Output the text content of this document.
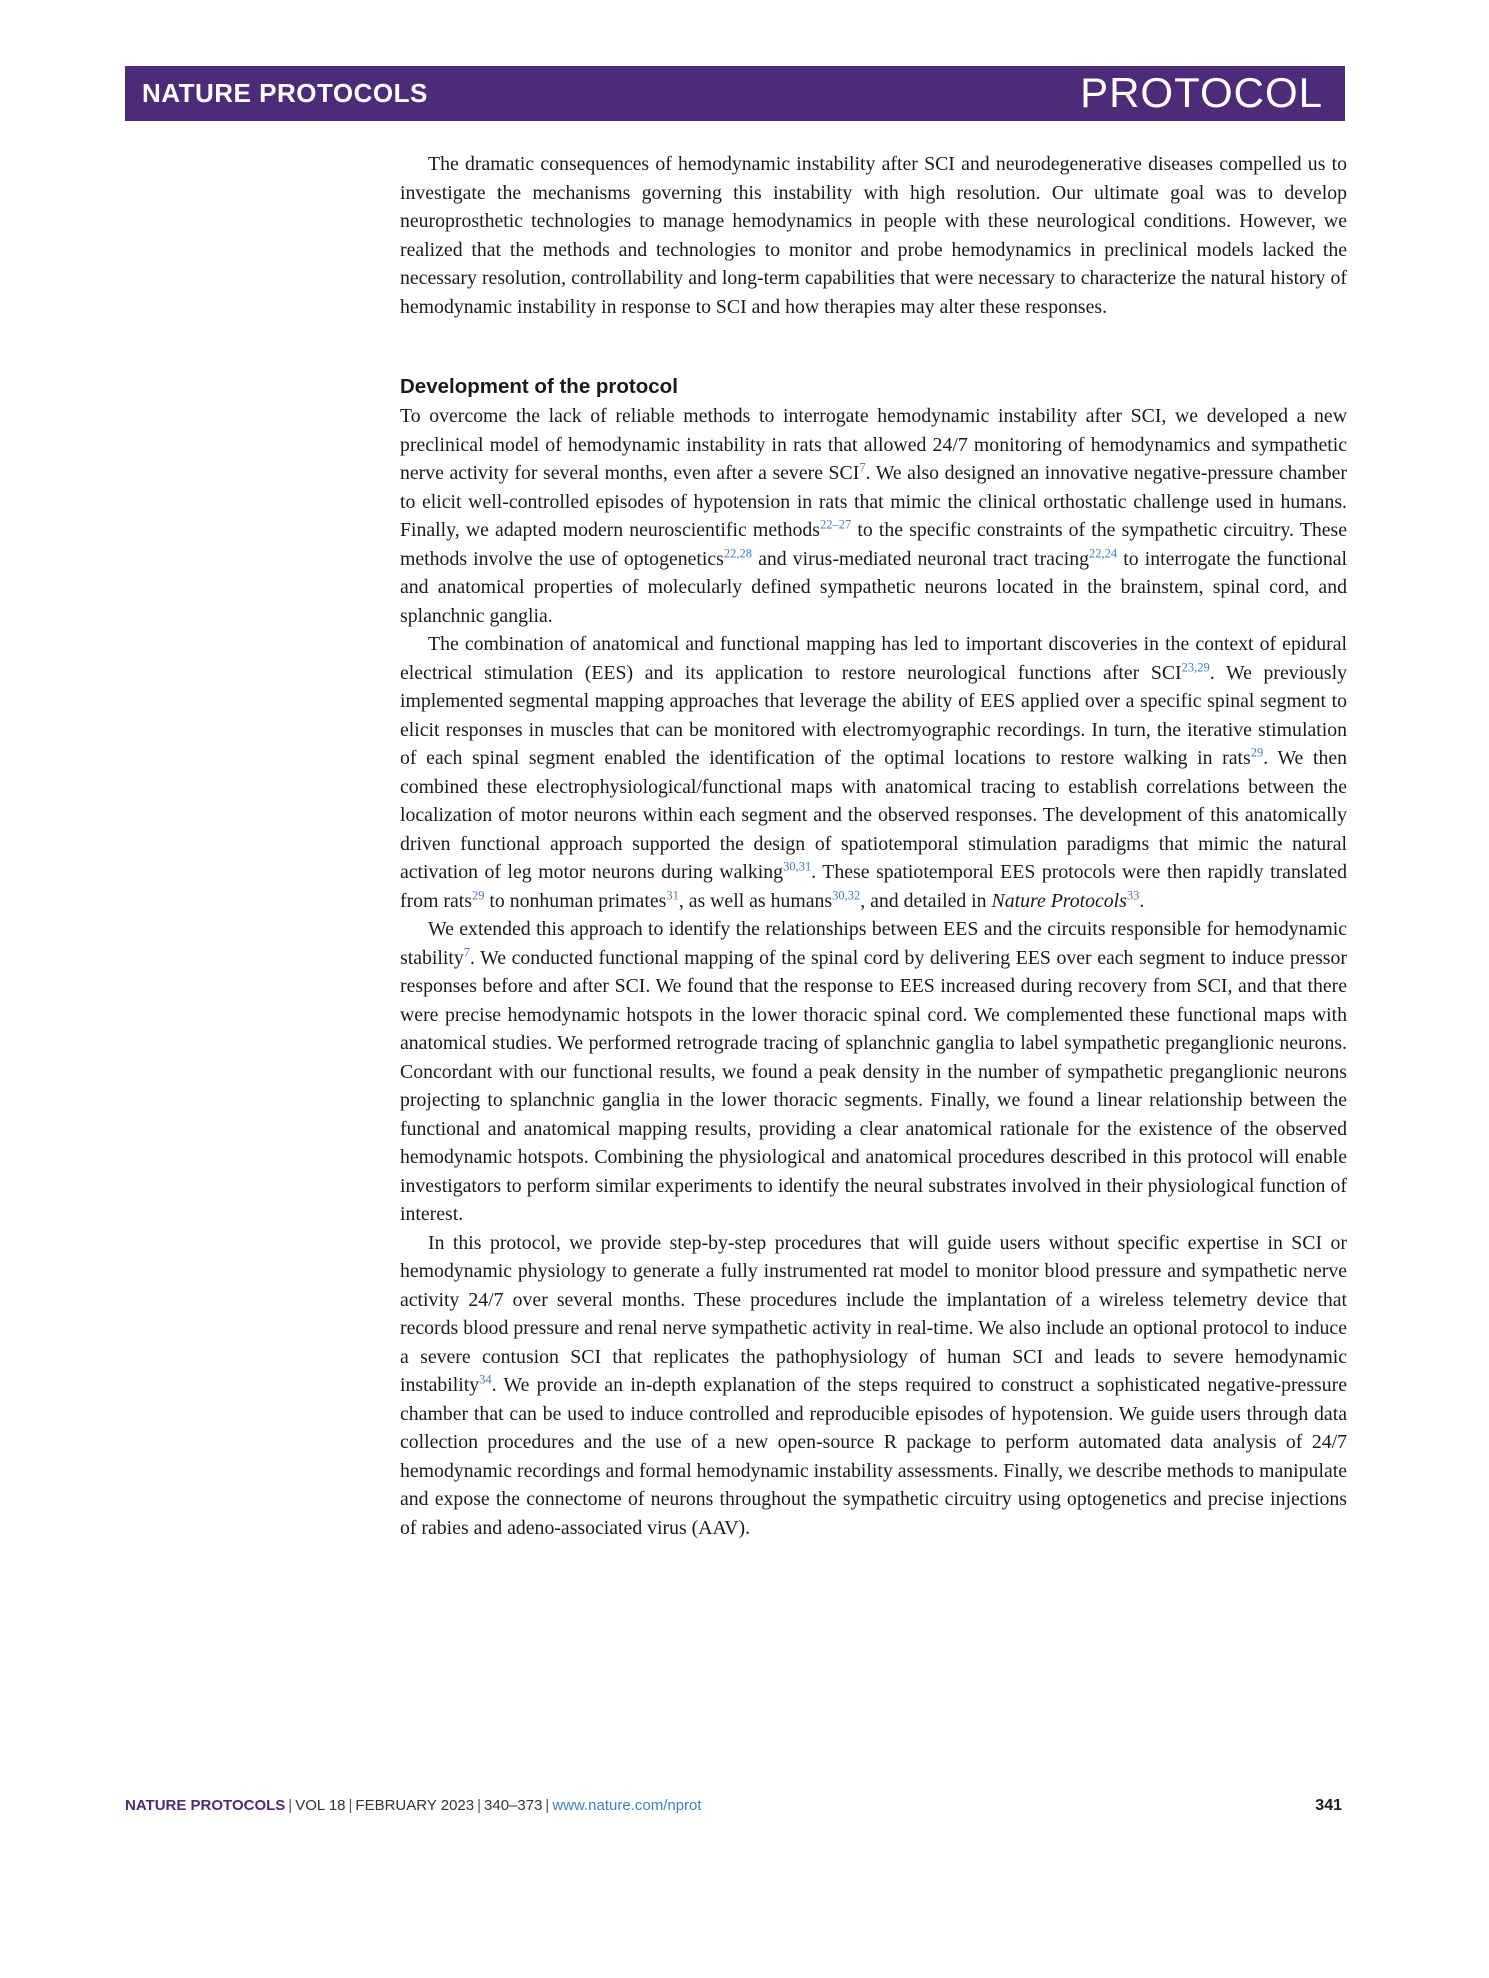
NATURE PROTOCOLS	PROTOCOL

The dramatic consequences of hemodynamic instability after SCI and neurodegenerative diseases compelled us to investigate the mechanisms governing this instability with high resolution. Our ultimate goal was to develop neuroprosthetic technologies to manage hemodynamics in people with these neurological conditions. However, we realized that the methods and technologies to monitor and probe hemodynamics in preclinical models lacked the necessary resolution, controllability and long-term capabilities that were necessary to characterize the natural history of hemodynamic instability in response to SCI and how therapies may alter these responses.

Development of the protocol

To overcome the lack of reliable methods to interrogate hemodynamic instability after SCI, we developed a new preclinical model of hemodynamic instability in rats that allowed 24/7 monitoring of hemodynamics and sympathetic nerve activity for several months, even after a severe SCI$^7$. We also designed an innovative negative-pressure chamber to elicit well-controlled episodes of hypotension in rats that mimic the clinical orthostatic challenge used in humans. Finally, we adapted modern neuroscientific methods$^{22-27}$ to the specific constraints of the sympathetic circuitry. These methods involve the use of optogenetics$^{22,28}$ and virus-mediated neuronal tract tracing$^{22,24}$ to interrogate the functional and anatomical properties of molecularly defined sympathetic neurons located in the brainstem, spinal cord, and splanchnic ganglia.

The combination of anatomical and functional mapping has led to important discoveries in the context of epidural electrical stimulation (EES) and its application to restore neurological functions after SCI$^{23,29}$. We previously implemented segmental mapping approaches that leverage the ability of EES applied over a specific spinal segment to elicit responses in muscles that can be monitored with electromyographic recordings. In turn, the iterative stimulation of each spinal segment enabled the identification of the optimal locations to restore walking in rats$^{29}$. We then combined these electrophysiological/functional maps with anatomical tracing to establish correlations between the localization of motor neurons within each segment and the observed responses. The development of this anatomically driven functional approach supported the design of spatiotemporal stimulation paradigms that mimic the natural activation of leg motor neurons during walking$^{30,31}$. These spatiotemporal EES protocols were then rapidly translated from rats$^{29}$ to nonhuman primates$^{31}$, as well as humans$^{30,32}$, and detailed in Nature Protocols$^{33}$.

We extended this approach to identify the relationships between EES and the circuits responsible for hemodynamic stability$^7$. We conducted functional mapping of the spinal cord by delivering EES over each segment to induce pressor responses before and after SCI. We found that the response to EES increased during recovery from SCI, and that there were precise hemodynamic hotspots in the lower thoracic spinal cord. We complemented these functional maps with anatomical studies. We performed retrograde tracing of splanchnic ganglia to label sympathetic preganglionic neurons. Concordant with our functional results, we found a peak density in the number of sympathetic preganglionic neurons projecting to splanchnic ganglia in the lower thoracic segments. Finally, we found a linear relationship between the functional and anatomical mapping results, providing a clear anatomical rationale for the existence of the observed hemodynamic hotspots. Combining the physiological and anatomical procedures described in this protocol will enable investigators to perform similar experiments to identify the neural substrates involved in their physiological function of interest.

In this protocol, we provide step-by-step procedures that will guide users without specific expertise in SCI or hemodynamic physiology to generate a fully instrumented rat model to monitor blood pressure and sympathetic nerve activity 24/7 over several months. These procedures include the implantation of a wireless telemetry device that records blood pressure and renal nerve sympathetic activity in real-time. We also include an optional protocol to induce a severe contusion SCI that replicates the pathophysiology of human SCI and leads to severe hemodynamic instability$^{34}$. We provide an in-depth explanation of the steps required to construct a sophisticated negative-pressure chamber that can be used to induce controlled and reproducible episodes of hypotension. We guide users through data collection procedures and the use of a new open-source R package to perform automated data analysis of 24/7 hemodynamic recordings and formal hemodynamic instability assessments. Finally, we describe methods to manipulate and expose the connectome of neurons throughout the sympathetic circuitry using optogenetics and precise injections of rabies and adeno-associated virus (AAV).

NATURE PROTOCOLS | VOL 18 | FEBRUARY 2023 | 340–373 | www.nature.com/nprot	341
